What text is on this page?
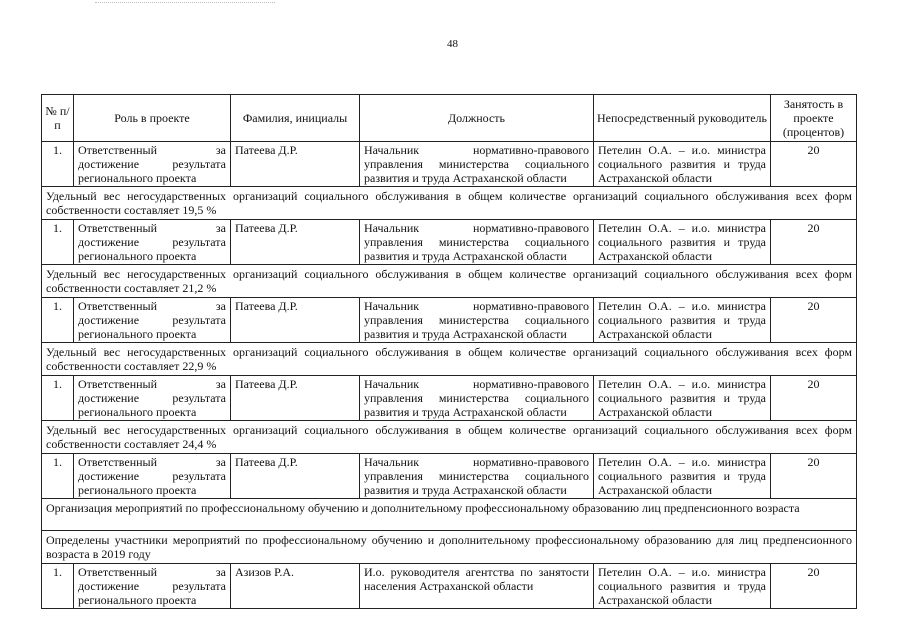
48
№ п/п	Роль в проекте	Фамилия, инициалы	Должность	Непосредственный руководитель	Занятость в проекте (процентов)
1.	Ответственный за достижение результата регионального проекта	Патеева Д.Р.	Начальник нормативно-правового управления министерства социального развития и труда Астраханской области	Петелин О.А. – и.о. министра социального развития и труда Астраханской области	20
Удельный вес негосударственных организаций социального обслуживания в общем количестве организаций социального обслуживания всех форм собственности составляет 19,5 %					
1.	Ответственный за достижение результата регионального проекта	Патеева Д.Р.	Начальник нормативно-правового управления министерства социального развития и труда Астраханской области	Петелин О.А. – и.о. министра социального развития и труда Астраханской области	20
Удельный вес негосударственных организаций социального обслуживания в общем количестве организаций социального обслуживания всех форм собственности составляет 21,2 %					
1.	Ответственный за достижение результата регионального проекта	Патеева Д.Р.	Начальник нормативно-правового управления министерства социального развития и труда Астраханской области	Петелин О.А. – и.о. министра социального развития и труда Астраханской области	20
Удельный вес негосударственных организаций социального обслуживания в общем количестве организаций социального обслуживания всех форм собственности составляет 22,9 %					
1.	Ответственный за достижение результата регионального проекта	Патеева Д.Р.	Начальник нормативно-правового управления министерства социального развития и труда Астраханской области	Петелин О.А. – и.о. министра социального развития и труда Астраханской области	20
Удельный вес негосударственных организаций социального обслуживания в общем количестве организаций социального обслуживания всех форм собственности составляет 24,4 %					
1.	Ответственный за достижение результата регионального проекта	Патеева Д.Р.	Начальник нормативно-правового управления министерства социального развития и труда Астраханской области	Петелин О.А. – и.о. министра социального развития и труда Астраханской области	20
Организация мероприятий по профессиональному обучению и дополнительному профессиональному образованию лиц предпенсионного возраста					
Определены участники мероприятий по профессиональному обучению и дополнительному профессиональному образованию для лиц предпенсионного возраста в 2019 году					
1.	Ответственный за достижение результата регионального проекта	Азизов Р.А.	И.о. руководителя агентства по занятости населения Астраханской области	Петелин О.А. – и.о. министра социального развития и труда Астраханской области	20
